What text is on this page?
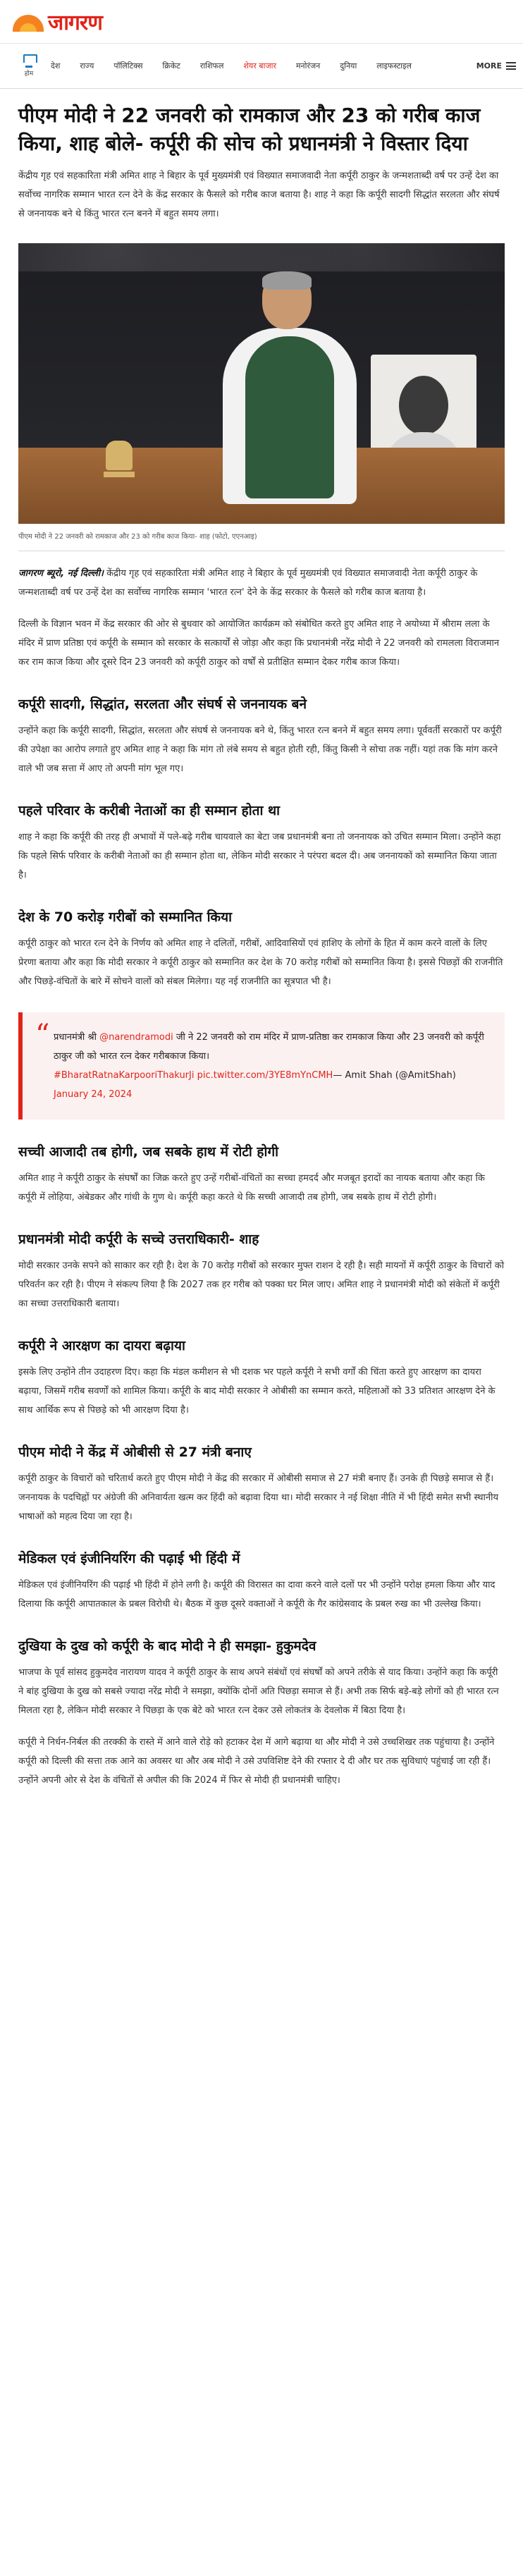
जागरण
होम
देश	राज्य	पॉलिटिक्स	क्रिकेट	राशिफल	शेयर बाजार	मनोरंजन	दुनिया	लाइफस्टाइल	MORE
पीएम मोदी ने 22 जनवरी को रामकाज और 23 को गरीब काज किया, शाह बोले- कर्पूरी की सोच को प्रधानमंत्री ने विस्तार दिया

केंद्रीय गृह एवं सहकारिता मंत्री अमित शाह ने बिहार के पूर्व मुख्यमंत्री एवं विख्यात समाजवादी नेता कर्पूरी ठाकुर के जन्मशताब्दी वर्ष पर उन्हें देश का सर्वोच्च नागरिक सम्मान भारत रत्न देने के केंद्र सरकार के फैसले को गरीब काज बताया है। शाह ने कहा कि कर्पूरी सादगी सिद्धांत सरलता और संघर्ष से जननायक बने थे किंतु भारत रत्न बनने में बहुत समय लगा।

पीएम मोदी ने 22 जनवरी को रामकाज और 23 को गरीब काज किया- शाह (फोटो, एएनआइ)

जागरण ब्यूरो, नई दिल्ली। केंद्रीय गृह एवं सहकारिता मंत्री अमित शाह ने बिहार के पूर्व मुख्यमंत्री एवं विख्यात समाजवादी नेता कर्पूरी ठाकुर के जन्मशताब्दी वर्ष पर उन्हें देश का सर्वोच्च नागरिक सम्मान 'भारत रत्न' देने के केंद्र सरकार के फैसले को गरीब काज बताया है।

दिल्ली के विज्ञान भवन में केंद्र सरकार की ओर से बुधवार को आयोजित कार्यक्रम को संबोधित करते हुए अमित शाह ने अयोध्या में श्रीराम लला के मंदिर में प्राण प्रतिष्ठा एवं कर्पूरी के सम्मान को सरकार के सत्कार्यों से जोड़ा और कहा कि प्रधानमंत्री नरेंद्र मोदी ने 22 जनवरी को रामलला विराजमान कर राम काज किया और दूसरे दिन 23 जनवरी को कर्पूरी ठाकुर को वर्षों से प्रतीक्षित सम्मान देकर गरीब काज किया।

कर्पूरी सादगी, सिद्धांत, सरलता और संघर्ष से जननायक बने

उन्होंने कहा कि कर्पूरी सादगी, सिद्धांत, सरलता और संघर्ष से जननायक बने थे, किंतु भारत रत्न बनने में बहुत समय लगा। पूर्ववर्ती सरकारों पर कर्पूरी की उपेक्षा का आरोप लगाते हुए अमित शाह ने कहा कि मांग तो लंबे समय से बहुत होती रही, किंतु किसी ने सोचा तक नहीं। यहां तक कि मांग करने वाले भी जब सत्ता में आए तो अपनी मांग भूल गए।

पहले परिवार के करीबी नेताओं का ही सम्मान होता था

शाह ने कहा कि कर्पूरी की तरह ही अभावों में पले-बढ़े गरीब चायवाले का बेटा जब प्रधानमंत्री बना तो जननायक को उचित सम्मान मिला। उन्होंने कहा कि पहले सिर्फ परिवार के करीबी नेताओं का ही सम्मान होता था, लेकिन मोदी सरकार ने परंपरा बदल दी। अब जननायकों को सम्मानित किया जाता है।

देश के 70 करोड़ गरीबों को सम्मानित किया

कर्पूरी ठाकुर को भारत रत्न देने के निर्णय को अमित शाह ने दलितों, गरीबों, आदिवासियों एवं हाशिए के लोगों के हित में काम करने वालों के लिए प्रेरणा बताया और कहा कि मोदी सरकार ने कर्पूरी ठाकुर को सम्मानित कर देश के 70 करोड़ गरीबों को सम्मानित किया है। इससे पिछड़ों की राजनीति और पिछड़े-वंचितों के बारे में सोचने वालों को संबल मिलेगा। यह नई राजनीति का सूत्रपात भी है।

“ प्रधानमंत्री श्री @narendramodi जी ने 22 जनवरी को राम मंदिर में प्राण-प्रतिष्ठा कर रामकाज किया और 23 जनवरी को कर्पूरी ठाकुर जी को भारत रत्न देकर गरीबकाज किया।
#BharatRatnaKarpooriThakurJi pic.twitter.com/3YE8mYnCMH— Amit Shah (@AmitShah) January 24, 2024

सच्ची आजादी तब होगी, जब सबके हाथ में रोटी होगी

अमित शाह ने कर्पूरी ठाकुर के संघर्षों का जिक्र करते हुए उन्हें गरीबों-वंचितों का सच्चा हमदर्द और मजबूत इरादों का नायक बताया और कहा कि कर्पूरी में लोहिया, अंबेडकर और गांधी के गुण थे। कर्पूरी कहा करते थे कि सच्ची आजादी तब होगी, जब सबके हाथ में रोटी होगी।

प्रधानमंत्री मोदी कर्पूरी के सच्चे उत्तराधिकारी- शाह

मोदी सरकार उनके सपने को साकार कर रही है। देश के 70 करोड़ गरीबों को सरकार मुफ्त राशन दे रही है। सही मायनों में कर्पूरी ठाकुर के विचारों को परिवर्तन कर रही है। पीएम ने संकल्प लिया है कि 2027 तक हर गरीब को पक्का घर मिल जाए। अमित शाह ने प्रधानमंत्री मोदी को संकेतों में कर्पूरी का सच्चा उत्तराधिकारी बताया।

कर्पूरी ने आरक्षण का दायरा बढ़ाया

इसके लिए उन्होंने तीन उदाहरण दिए। कहा कि मंडल कमीशन से भी दशक भर पहले कर्पूरी ने सभी वर्गों की चिंता करते हुए आरक्षण का दायरा बढ़ाया, जिसमें गरीब सवर्णों को शामिल किया। कर्पूरी के बाद मोदी सरकार ने ओबीसी का सम्मान करते, महिलाओं को 33 प्रतिशत आरक्षण देने के साथ आर्थिक रूप से पिछड़े को भी आरक्षण दिया है।

पीएम मोदी ने केंद्र में ओबीसी से 27 मंत्री बनाए

कर्पूरी ठाकुर के विचारों को चरितार्थ करते हुए पीएम मोदी ने केंद्र की सरकार में ओबीसी समाज से 27 मंत्री बनाए हैं। उनके ही पिछड़े समाज से हैं। जननायक के पदचिह्नों पर अंग्रेजी की अनिवार्यता खत्म कर हिंदी को बढ़ावा दिया था। मोदी सरकार ने नई शिक्षा नीति में भी हिंदी समेत सभी स्थानीय भाषाओं को महत्व दिया जा रहा है।

मेडिकल एवं इंजीनियरिंग की पढ़ाई भी हिंदी में

मेडिकल एवं इंजीनियरिंग की पढ़ाई भी हिंदी में होने लगी है। कर्पूरी की विरासत का दावा करने वाले दलों पर भी उन्होंने परोक्ष हमला किया और याद दिलाया कि कर्पूरी आपातकाल के प्रबल विरोधी थे। बैठक में कुछ दूसरे वक्ताओं ने कर्पूरी के गैर कांग्रेसवाद के प्रबल रुख का भी उल्लेख किया।

दुखिया के दुख को कर्पूरी के बाद मोदी ने ही समझा- हुकुमदेव

भाजपा के पूर्व सांसद हुकुमदेव नारायण यादव ने कर्पूरी ठाकुर के साथ अपने संबंधों एवं संघर्षों को अपने तरीके से याद किया। उन्होंने कहा कि कर्पूरी ने बांह दुखिया के दुख को सबसे ज्यादा नरेंद्र मोदी ने समझा, क्योंकि दोनों अति पिछड़ा समाज से हैं। अभी तक सिर्फ बड़े-बड़े लोगों को ही भारत रत्न मिलता रहा है, लेकिन मोदी सरकार ने पिछड़ा के एक बेटे को भारत रत्न देकर उसे लोकतंत्र के देवलोक में बिठा दिया है।

कर्पूरी ने निर्धन-निर्बल की तरक्की के रास्ते में आने वाले रोड़े को हटाकर देश में आगे बढ़ाया था और मोदी ने उसे उच्चशिखर तक पहुंचाया है। उन्होंने कर्पूरी को दिल्ली की सत्ता तक आने का अवसर था और अब मोदी ने उसे उपविशिष्ट देने की रफ्तार दे दी और घर तक सुविधाएं पहुंचाई जा रही हैं। उन्होंने अपनी ओर से देश के वंचितों से अपील की कि 2024 में फिर से मोदी ही प्रधानमंत्री चाहिए।
